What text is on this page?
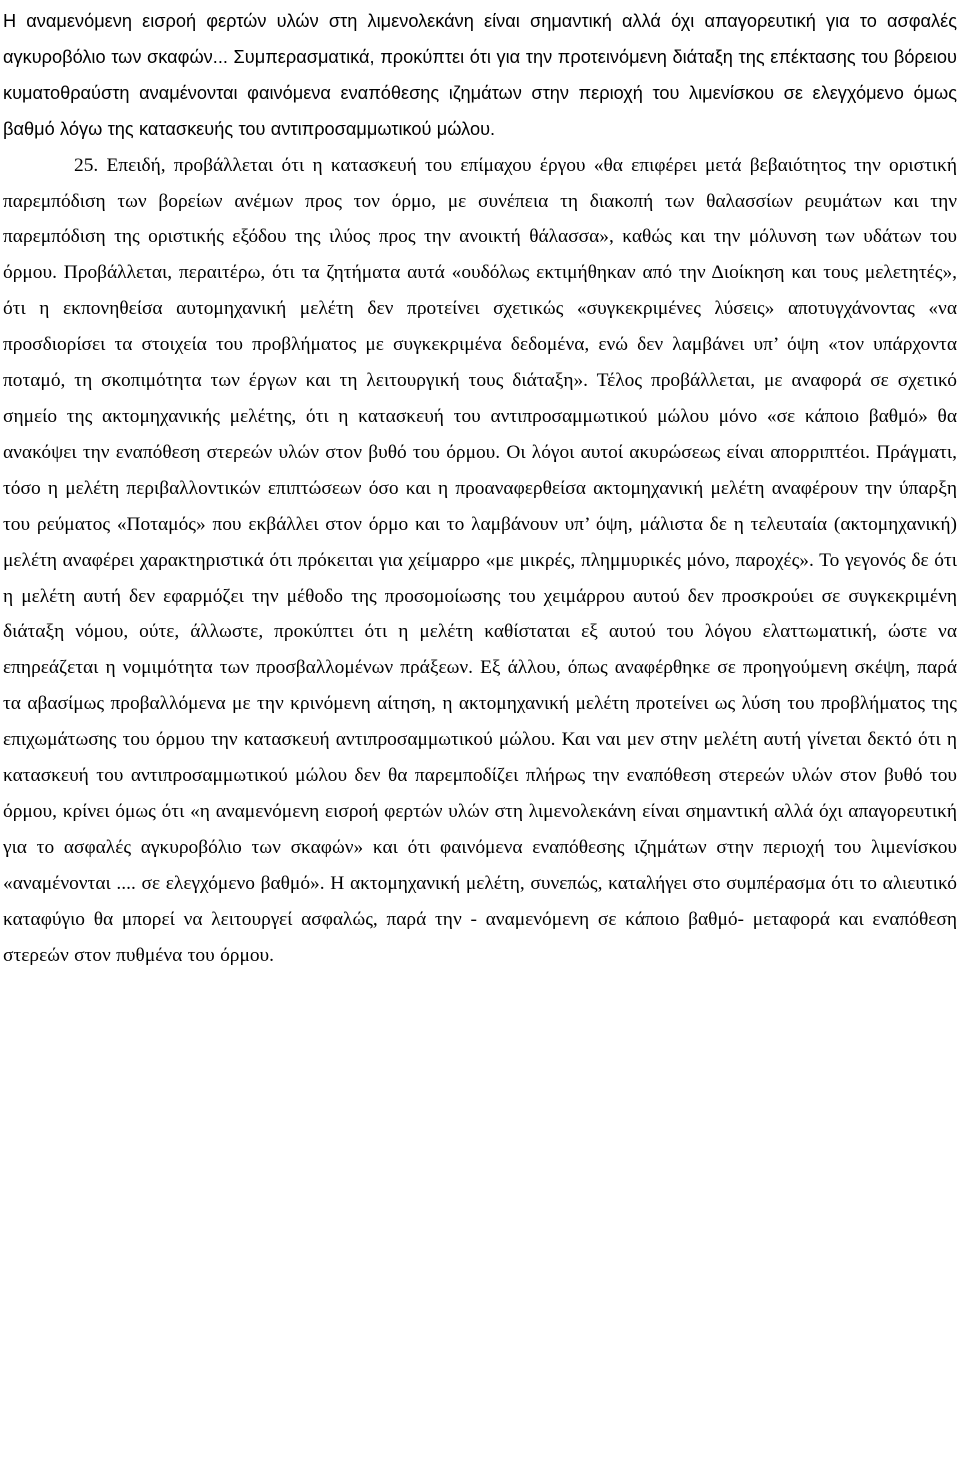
Η αναμενόμενη εισροή φερτών υλών στη λιμενολεκάνη είναι σημαντική αλλά όχι απαγορευτική για το ασφαλές αγκυροβόλιο των σκαφών... Συμπερασματικά, προκύπτει ότι για την προτεινόμενη διάταξη της επέκτασης του βόρειου κυματοθραύστη αναμένονται φαινόμενα εναπόθεσης ιζημάτων στην περιοχή του λιμενίσκου σε ελεγχόμενο όμως βαθμό λόγω της κατασκευής του αντιπροσαμμωτικού μώλου.

25. Επειδή, προβάλλεται ότι η κατασκευή του επίμαχου έργου «θα επιφέρει μετά βεβαιότητος την οριστική παρεμπόδιση των βορείων ανέμων προς τον όρμο, με συνέπεια τη διακοπή των θαλασσίων ρευμάτων και την παρεμπόδιση της οριστικής εξόδου της ιλύος προς την ανοικτή θάλασσα», καθώς και την μόλυνση των υδάτων του όρμου. Προβάλλεται, περαιτέρω, ότι τα ζητήματα αυτά «ουδόλως εκτιμήθηκαν από την Διοίκηση και τους μελετητές», ότι η εκπονηθείσα αυτομηχανική μελέτη δεν προτείνει σχετικώς «συγκεκριμένες λύσεις» αποτυγχάνοντας «να προσδιορίσει τα στοιχεία του προβλήματος με συγκεκριμένα δεδομένα, ενώ δεν λαμβάνει υπ’ όψη «τον υπάρχοντα ποταμό, τη σκοπιμότητα των έργων και τη λειτουργική τους διάταξη». Τέλος προβάλλεται, με αναφορά σε σχετικό σημείο της ακτομηχανικής μελέτης, ότι η κατασκευή του αντιπροσαμμωτικού μώλου μόνο «σε κάποιο βαθμό» θα ανακόψει την εναπόθεση στερεών υλών στον βυθό του όρμου. Οι λόγοι αυτοί ακυρώσεως είναι απορριπτέοι. Πράγματι, τόσο η μελέτη περιβαλλοντικών επιπτώσεων όσο και η προαναφερθείσα ακτομηχανική μελέτη αναφέρουν την ύπαρξη του ρεύματος «Ποταμός» που εκβάλλει στον όρμο και το λαμβάνουν υπ’ όψη, μάλιστα δε η τελευταία (ακτομηχανική) μελέτη αναφέρει χαρακτηριστικά ότι πρόκειται για χείμαρρο «με μικρές, πλημμυρικές μόνο, παροχές». Το γεγονός δε ότι η μελέτη αυτή δεν εφαρμόζει την μέθοδο της προσομοίωσης του χειμάρρου αυτού δεν προσκρούει σε συγκεκριμένη διάταξη νόμου, ούτε, άλλωστε, προκύπτει ότι η μελέτη καθίσταται εξ αυτού του λόγου ελαττωματική, ώστε να επηρεάζεται η νομιμότητα των προσβαλλομένων πράξεων. Εξ άλλου, όπως αναφέρθηκε σε προηγούμενη σκέψη, παρά τα αβασίμως προβαλλόμενα με την κρινόμενη αίτηση, η ακτομηχανική μελέτη προτείνει ως λύση του προβλήματος της επιχωμάτωσης του όρμου την κατασκευή αντιπροσαμμωτικού μώλου. Και ναι μεν στην μελέτη αυτή γίνεται δεκτό ότι η κατασκευή του αντιπροσαμμωτικού μώλου δεν θα παρεμποδίζει πλήρως την εναπόθεση στερεών υλών στον βυθό του όρμου, κρίνει όμως ότι «η αναμενόμενη εισροή φερτών υλών στη λιμενολεκάνη είναι σημαντική αλλά όχι απαγορευτική για το ασφαλές αγκυροβόλιο των σκαφών» και ότι φαινόμενα εναπόθεσης ιζημάτων στην περιοχή του λιμενίσκου «αναμένονται .... σε ελεγχόμενο βαθμό». Η ακτομηχανική μελέτη, συνεπώς, καταλήγει στο συμπέρασμα ότι το αλιευτικό καταφύγιο θα μπορεί να λειτουργεί ασφαλώς, παρά την - αναμενόμενη σε κάποιο βαθμό- μεταφορά και εναπόθεση στερεών στον πυθμένα του όρμου.
